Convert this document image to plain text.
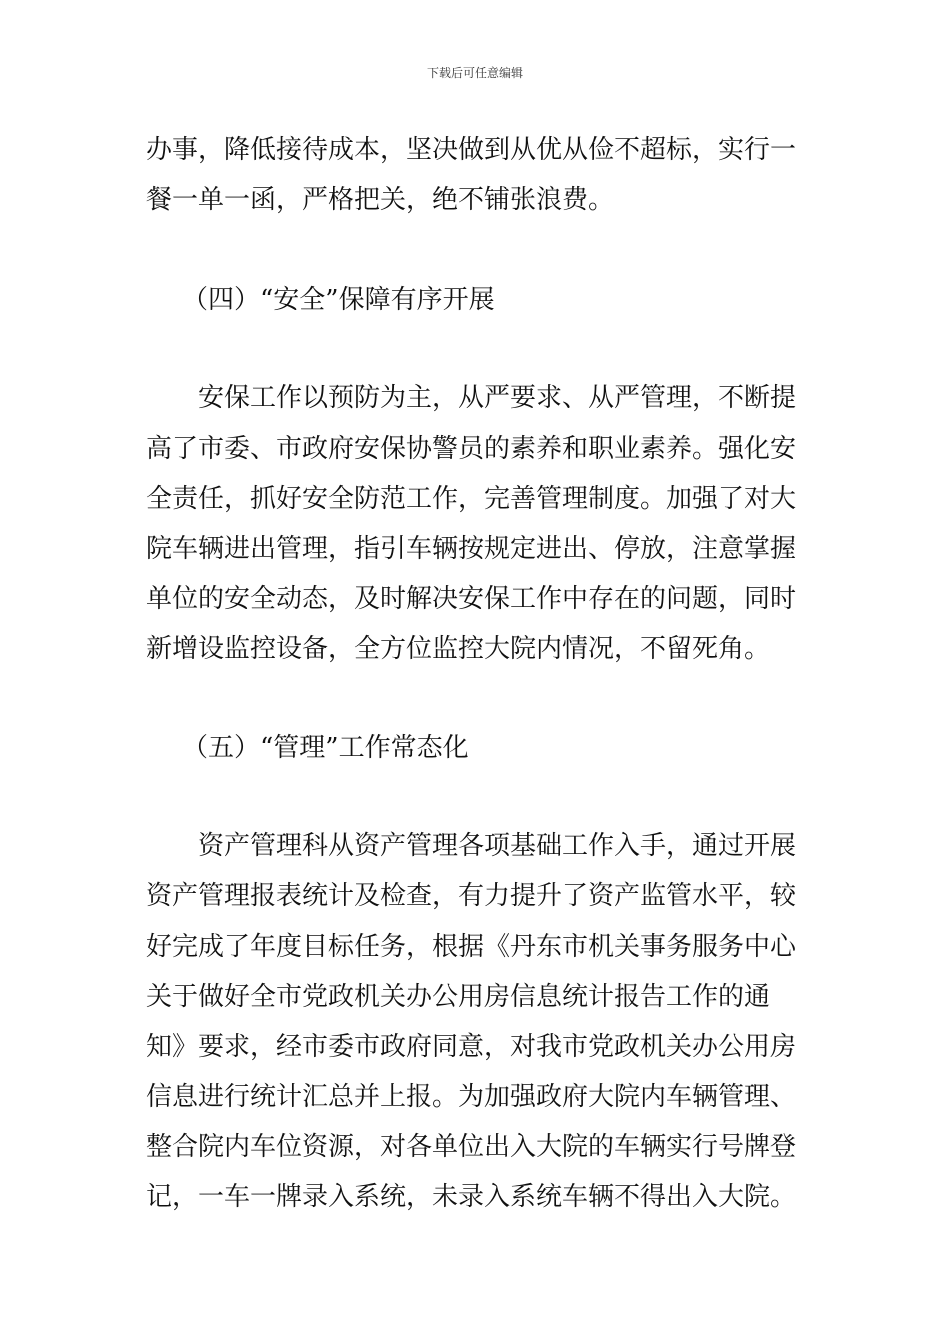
下载后可任意编辑
办事，降低接待成本，坚决做到从优从俭不超标，实行一
餐一单一函，严格把关，绝不铺张浪费。
（四）“安全”保障有序开展
　　安保工作以预防为主，从严要求、从严管理，不断提
高了市委、市政府安保协警员的素养和职业素养。强化安
全责任，抓好安全防范工作，完善管理制度。加强了对大
院车辆进出管理，指引车辆按规定进出、停放，注意掌握
单位的安全动态，及时解决安保工作中存在的问题，同时
新增设监控设备，全方位监控大院内情况，不留死角。
（五）“管理”工作常态化
　　资产管理科从资产管理各项基础工作入手，通过开展
资产管理报表统计及检查，有力提升了资产监管水平，较
好完成了年度目标任务，根据《丹东市机关事务服务中心
关于做好全市党政机关办公用房信息统计报告工作的通
知》要求，经市委市政府同意，对我市党政机关办公用房
信息进行统计汇总并上报。为加强政府大院内车辆管理、
整合院内车位资源，对各单位出入大院的车辆实行号牌登
记，一车一牌录入系统，未录入系统车辆不得出入大院。
